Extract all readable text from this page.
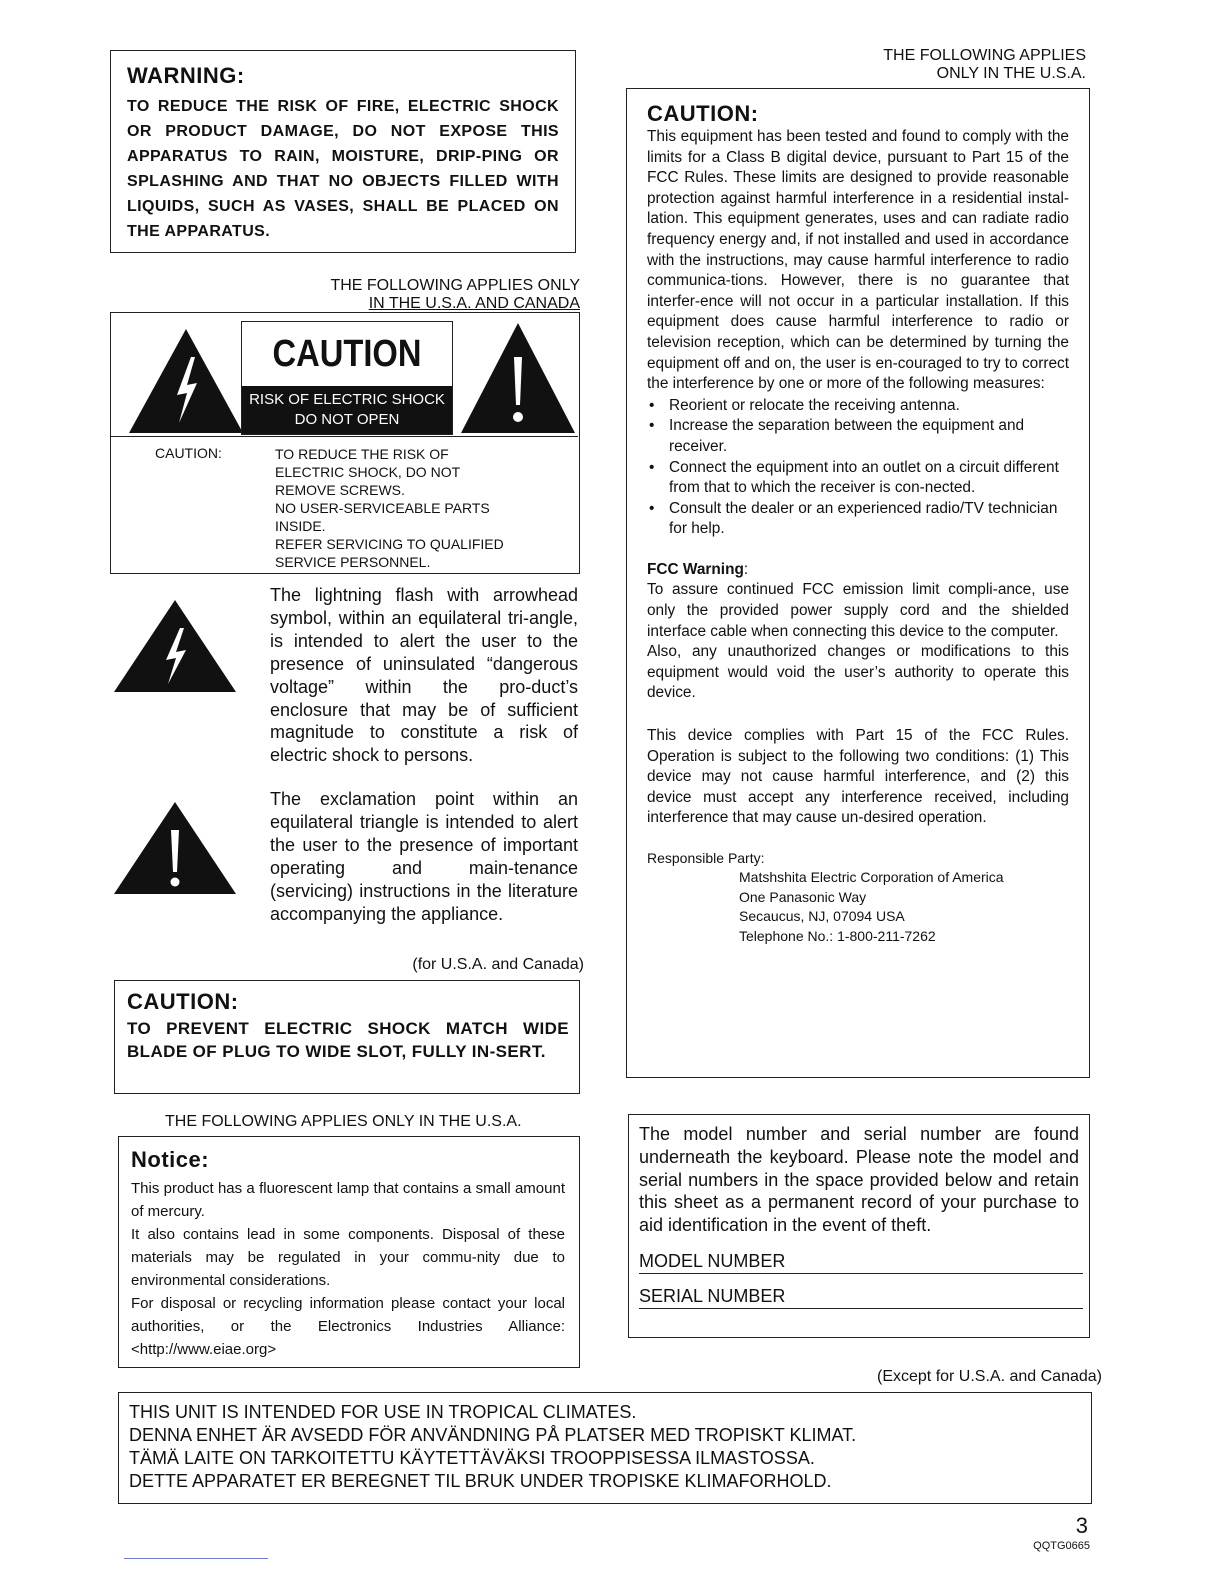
WARNING:
TO REDUCE THE RISK OF FIRE, ELECTRIC SHOCK OR PRODUCT DAMAGE, DO NOT EXPOSE THIS APPARATUS TO RAIN, MOISTURE, DRIP-PING OR SPLASHING AND THAT NO OBJECTS FILLED WITH LIQUIDS, SUCH AS VASES, SHALL BE PLACED ON THE APPARATUS.
THE FOLLOWING APPLIES ONLY
IN THE U.S.A. AND CANADA
CAUTION
RISK OF ELECTRIC SHOCK
DO NOT OPEN
CAUTION:	TO REDUCE THE RISK OF
ELECTRIC SHOCK, DO NOT
REMOVE SCREWS.
NO USER-SERVICEABLE PARTS
INSIDE.
REFER SERVICING TO QUALIFIED
SERVICE PERSONNEL.
The lightning flash with arrowhead symbol, within an equilateral tri-angle, is intended to alert the user to the presence of uninsulated “dangerous voltage” within the pro-duct’s enclosure that may be of sufficient magnitude to constitute a risk of electric shock to persons.
The exclamation point within an equilateral triangle is intended to alert the user to the presence of important operating and main-tenance (servicing) instructions in the literature accompanying the appliance.
(for U.S.A. and Canada)
CAUTION:
TO PREVENT ELECTRIC SHOCK MATCH WIDE BLADE OF PLUG TO WIDE SLOT, FULLY IN-SERT.
THE FOLLOWING APPLIES ONLY IN THE U.S.A.
Notice:
This product has a fluorescent lamp that contains a small amount of mercury.
It also contains lead in some components. Disposal of these materials may be regulated in your commu-nity due to environmental considerations.
For disposal or recycling information please contact your local authorities, or the Electronics Industries Alliance: <http://www.eiae.org>
THE FOLLOWING APPLIES
ONLY IN THE U.S.A.
CAUTION:
This equipment has been tested and found to comply with the limits for a Class B digital device, pursuant to Part 15 of the FCC Rules. These limits are designed to provide reasonable protection against harmful interference in a residential instal-lation. This equipment generates, uses and can radiate radio frequency energy and, if not installed and used in accordance with the instructions, may cause harmful interference to radio communica-tions. However, there is no guarantee that interfer-ence will not occur in a particular installation. If this equipment does cause harmful interference to radio or television reception, which can be determined by turning the equipment off and on, the user is en-couraged to try to correct the interference by one or more of the following measures:
• Reorient or relocate the receiving antenna.
• Increase the separation between the equipment and receiver.
• Connect the equipment into an outlet on a circuit different from that to which the receiver is con-nected.
• Consult the dealer or an experienced radio/TV technician for help.
FCC Warning:
To assure continued FCC emission limit compli-ance, use only the provided power supply cord and the shielded interface cable when connecting this device to the computer.
Also, any unauthorized changes or modifications to this equipment would void the user’s authority to operate this device.
This device complies with Part 15 of the FCC Rules. Operation is subject to the following two conditions: (1) This device may not cause harmful interference, and (2) this device must accept any interference received, including interference that may cause un-desired operation.
Responsible Party:
Matshshita Electric Corporation of America
One Panasonic Way
Secaucus, NJ, 07094 USA
Telephone No.: 1-800-211-7262
The model number and serial number are found underneath the keyboard. Please note the model and serial numbers in the space provided below and retain this sheet as a permanent record of your purchase to aid identification in the event of theft.
MODEL NUMBER
SERIAL NUMBER
(Except for U.S.A. and Canada)
THIS UNIT IS INTENDED FOR USE IN TROPICAL CLIMATES.
DENNA ENHET ÄR AVSEDD FÖR ANVÄNDNING PÅ PLATSER MED TROPISKT KLIMAT.
TÄMÄ LAITE ON TARKOITETTU KÄYTETTÄVÄKSI TROOPPISESSA ILMASTOSSA.
DETTE APPARATET ER BEREGNET TIL BRUK UNDER TROPISKE KLIMAFORHOLD.
3
QQTG0665
